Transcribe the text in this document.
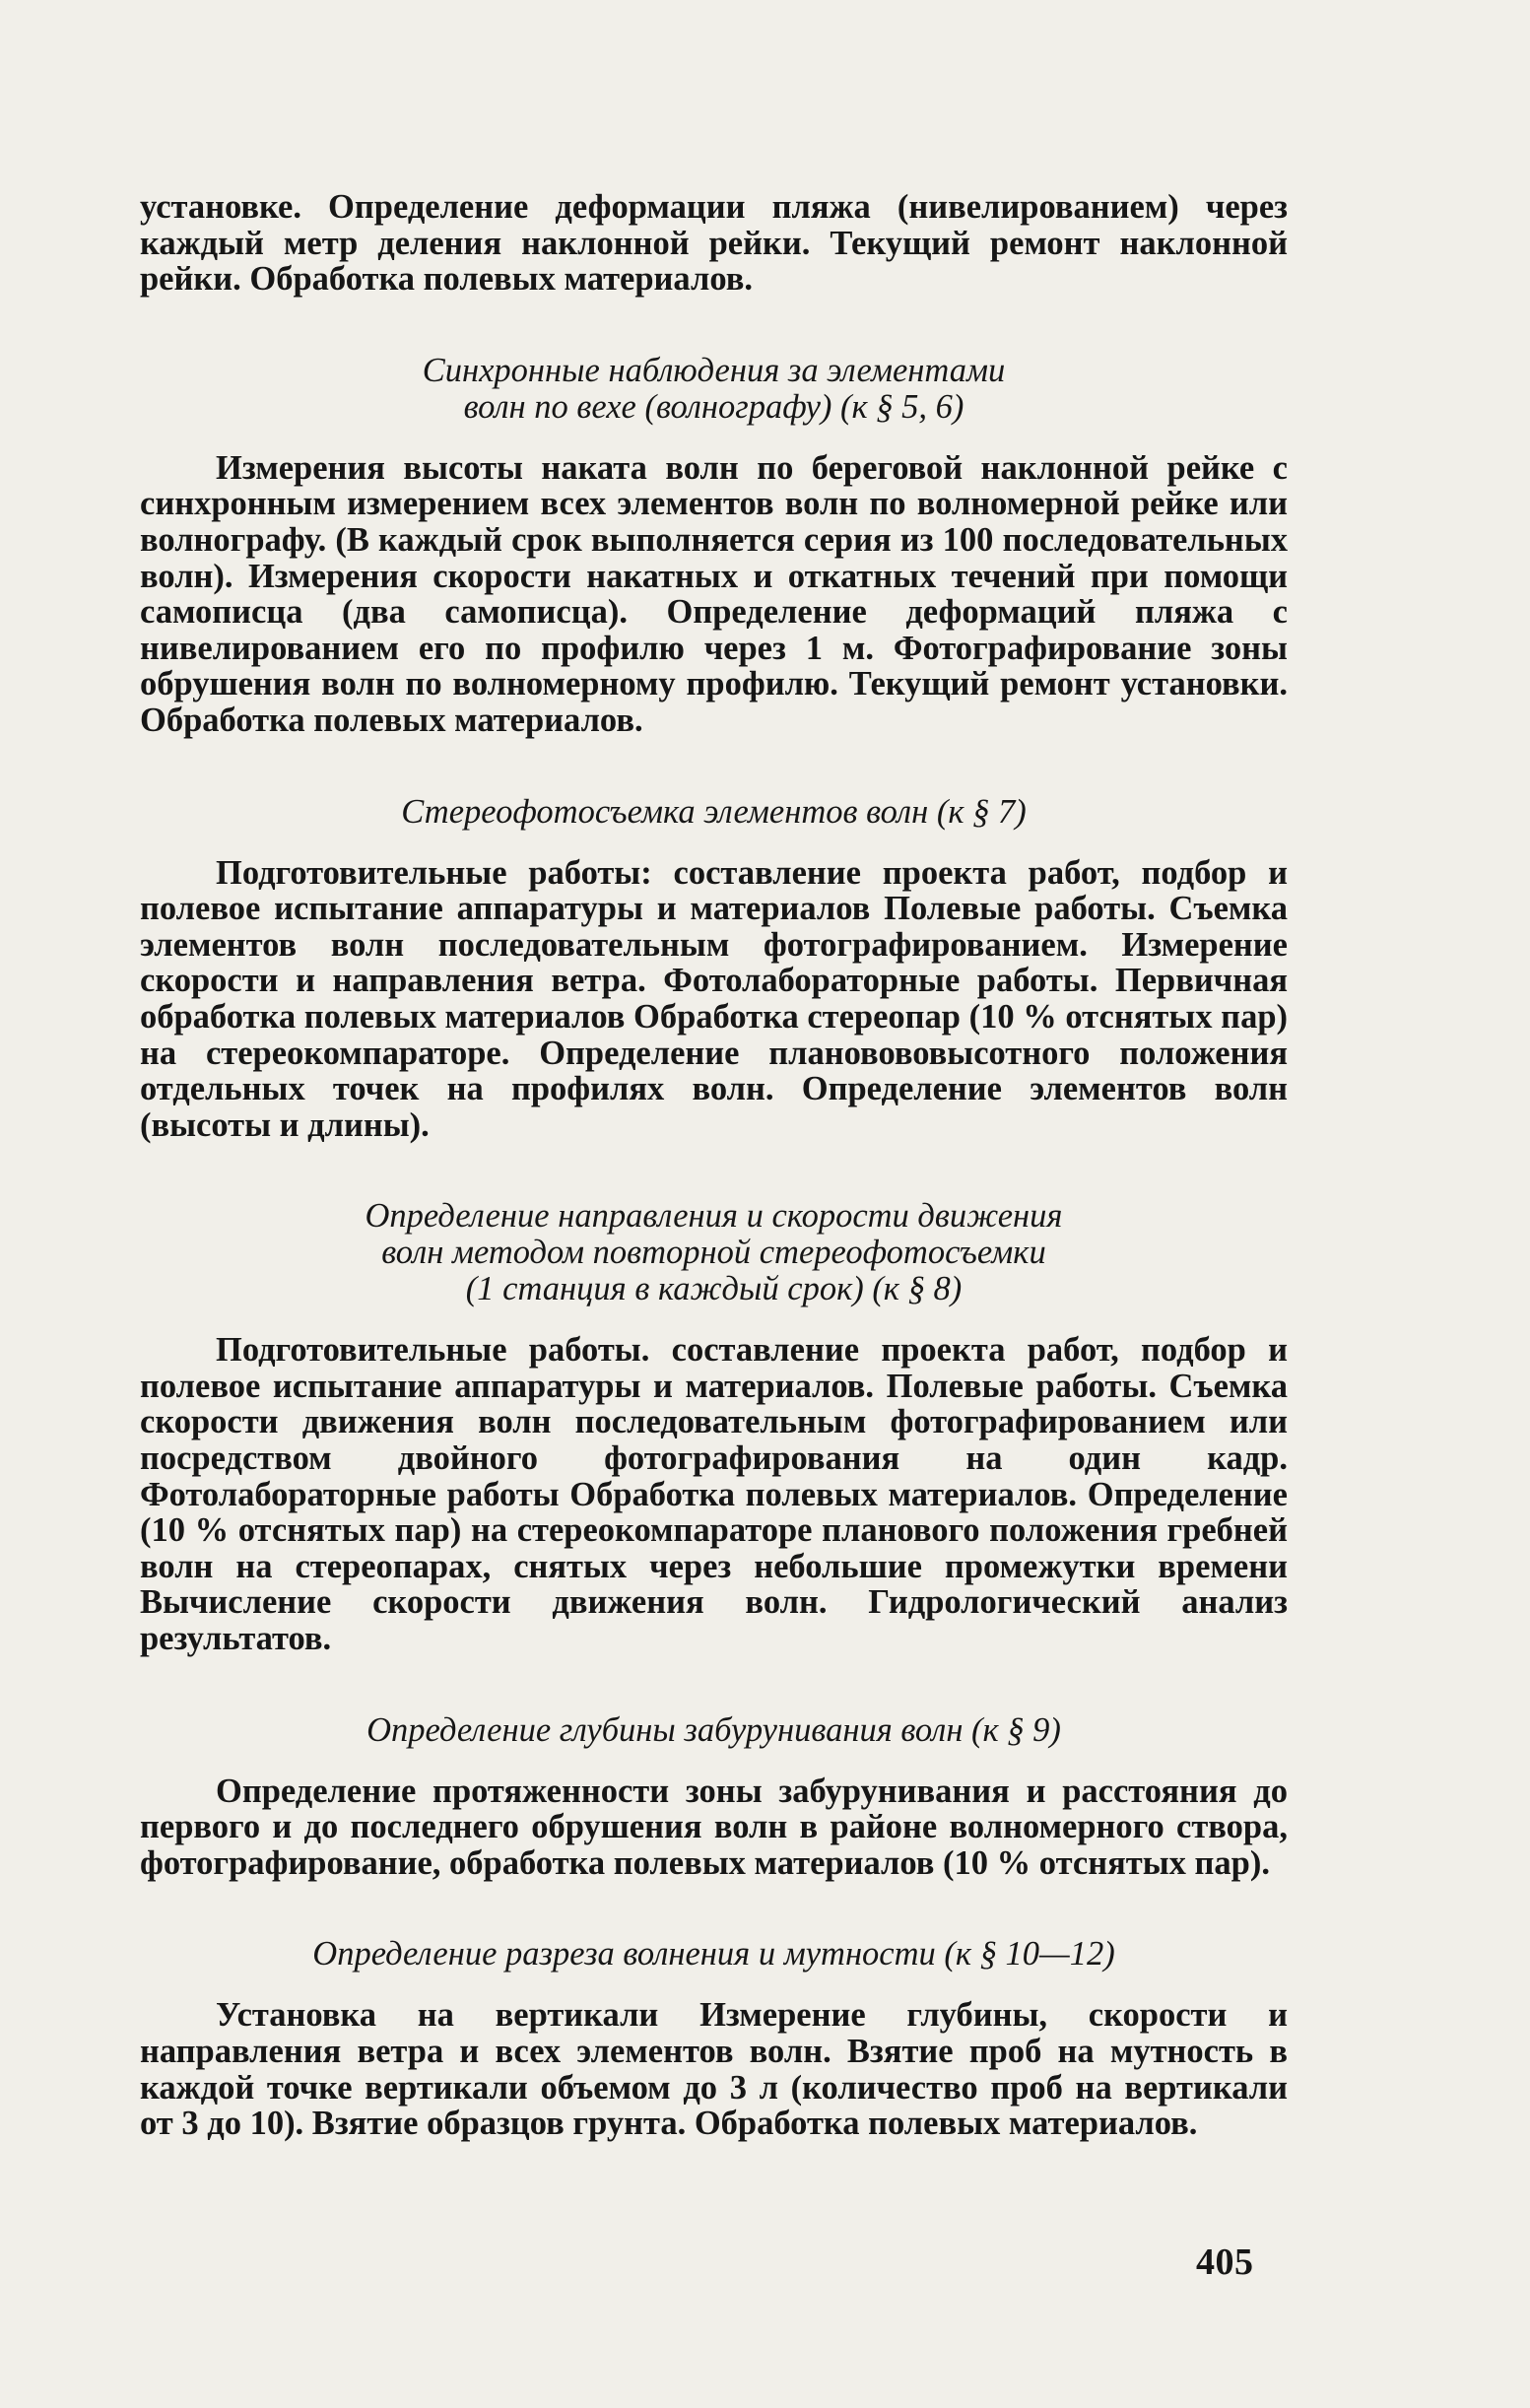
установке. Определение деформации пляжа (нивелированием) через каждый метр деления наклонной рейки. Текущий ремонт наклонной рейки. Обработка полевых материалов.

Синхронные наблюдения за элементами
волн по вехе (волнографу) (к § 5, 6)

Измерения высоты наката волн по береговой наклонной рейке с синхронным измерением всех элементов волн по волномерной рейке или волнографу. (В каждый срок выполняется серия из 100 последовательных волн). Измерения скорости накатных и откатных течений при помощи самописца (два самописца). Определение деформаций пляжа с нивелированием его по профилю через 1 м. Фотографирование зоны обрушения волн по волномерному профилю. Текущий ремонт установки. Обработка полевых материалов.

Стереофотосъемка элементов волн (к § 7)

Подготовительные работы: составление проекта работ, подбор и полевое испытание аппаратуры и материалов Полевые работы. Съемка элементов волн последовательным фотографированием. Измерение скорости и направления ветра. Фотолабораторные работы. Первичная обработка полевых материалов Обработка стереопар (10 % отснятых пар) на стереокомпараторе. Определение плановововысотного положения отдельных точек на профилях волн. Определение элементов волн (высоты и длины).

Определение направления и скорости движения
волн методом повторной стереофотосъемки
(1 станция в каждый срок) (к § 8)

Подготовительные работы. составление проекта работ, подбор и полевое испытание аппаратуры и материалов. Полевые работы. Съемка скорости движения волн последовательным фотографированием или посредством двойного фотографирования на один кадр. Фотолабораторные работы Обработка полевых материалов. Определение (10 % отснятых пар) на стереокомпараторе планового положения гребней волн на стереопарах, снятых через небольшие промежутки времени Вычисление скорости движения волн. Гидрологический анализ результатов.

Определение глубины забурунивания волн (к § 9)

Определение протяженности зоны забурунивания и расстояния до первого и до последнего обрушения волн в районе волномерного створа, фотографирование, обработка полевых материалов (10 % отснятых пар).

Определение разреза волнения и мутности (к § 10—12)

Установка на вертикали Измерение глубины, скорости и направления ветра и всех элементов волн. Взятие проб на мутность в каждой точке вертикали объемом до 3 л (количество проб на вертикали от 3 до 10). Взятие образцов грунта. Обработка полевых материалов.

405
